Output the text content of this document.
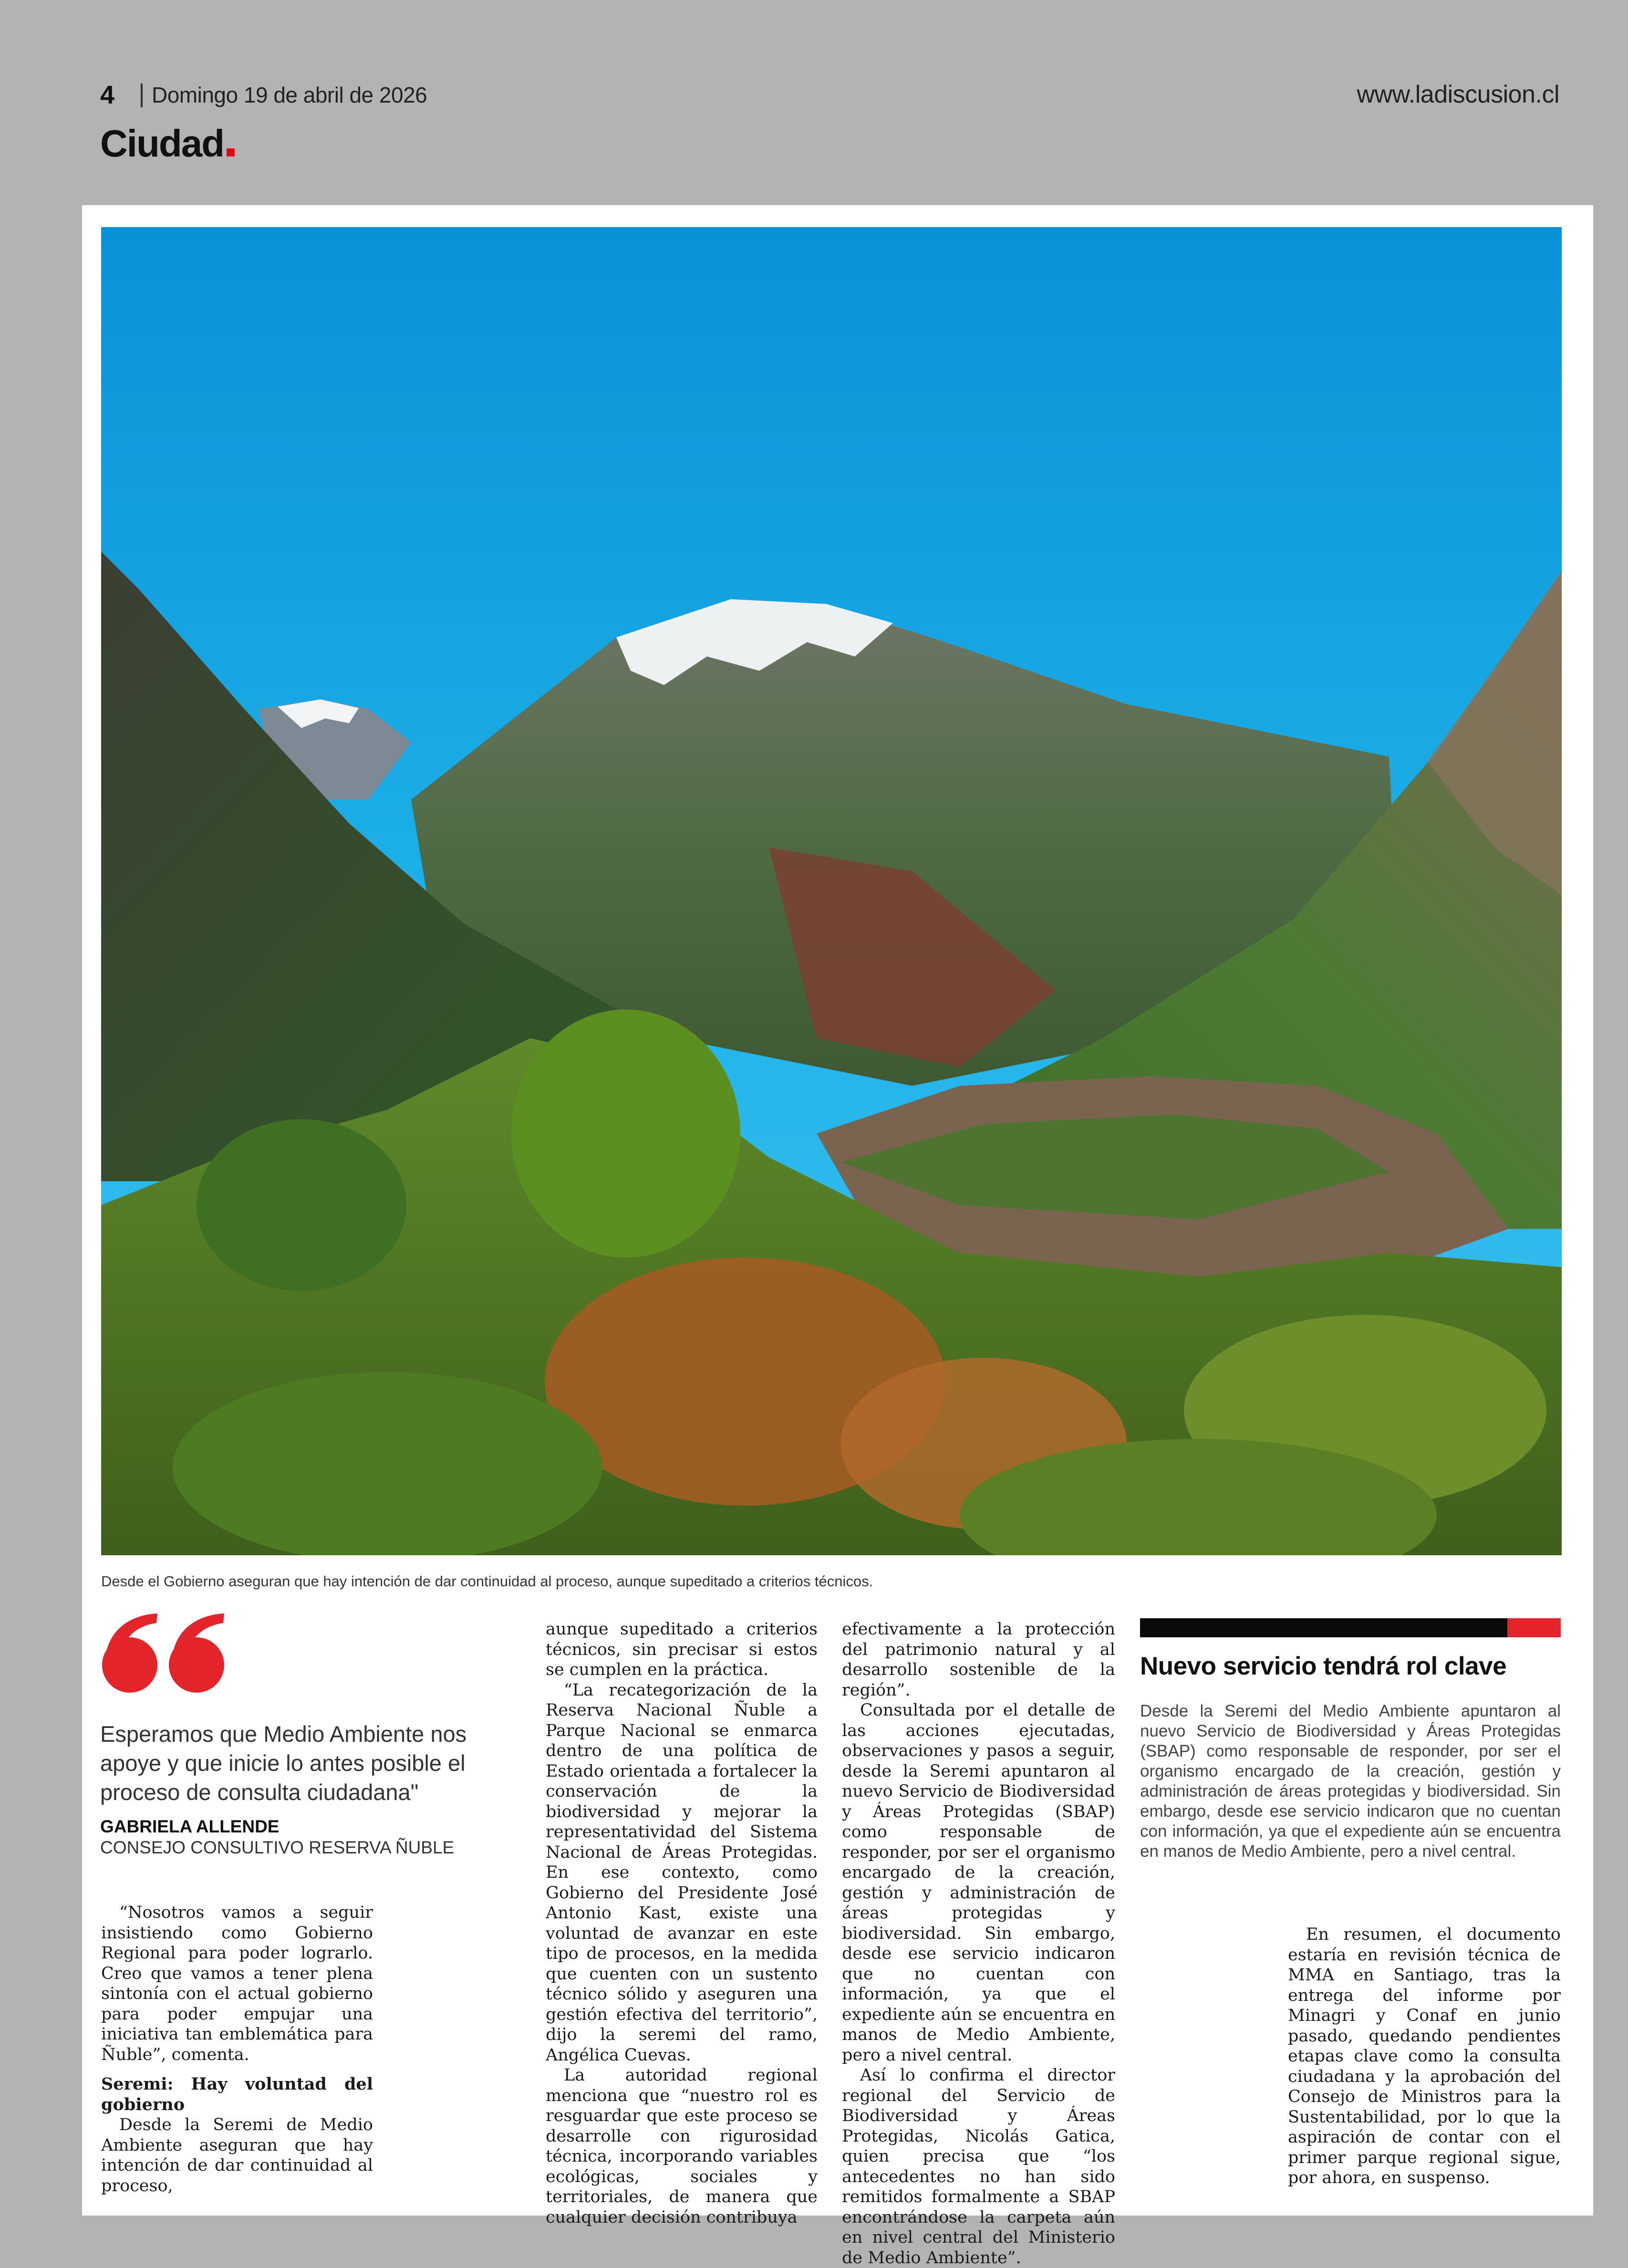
4 Domingo 19 de abril de 2026	www.ladiscusion.cl
Ciudad
Desde el Gobierno aseguran que hay intención de dar continuidad al proceso, aunque supeditado a criterios técnicos.
Esperamos que Medio Ambiente nos apoye y que inicie lo antes posible el proceso de consulta ciudadana"
GABRIELA ALLENDE
CONSEJO CONSULTIVO RESERVA ÑUBLE

“Nosotros vamos a seguir insistiendo como Gobierno Regional para poder lograrlo. Creo que vamos a tener plena sintonía con el actual gobierno para poder empujar una iniciativa tan emblemática para Ñuble”, comenta.

Seremi: Hay voluntad del gobierno

Desde la Seremi de Medio Ambiente aseguran que hay intención de dar continuidad al proceso,

aunque supeditado a criterios técnicos, sin precisar si estos se cumplen en la práctica.

“La recategorización de la Reserva Nacional Ñuble a Parque Nacional se enmarca dentro de una política de Estado orientada a fortalecer la conservación de la biodiversidad y mejorar la representatividad del Sistema Nacional de Áreas Protegidas. En ese contexto, como Gobierno del Presidente José Antonio Kast, existe una voluntad de avanzar en este tipo de procesos, en la medida que cuenten con un sustento técnico sólido y aseguren una gestión efectiva del territorio”, dijo la seremi del ramo, Angélica Cuevas.

La autoridad regional menciona que “nuestro rol es resguardar que este proceso se desarrolle con rigurosidad técnica, incorporando variables ecológicas, sociales y territoriales, de manera que cualquier decisión contribuya

efectivamente a la protección del patrimonio natural y al desarrollo sostenible de la región”.

Consultada por el detalle de las acciones ejecutadas, observaciones y pasos a seguir, desde la Seremi apuntaron al nuevo Servicio de Biodiversidad y Áreas Protegidas (SBAP) como responsable de responder, por ser el organismo encargado de la creación, gestión y administración de áreas protegidas y biodiversidad. Sin embargo, desde ese servicio indicaron que no cuentan con información, ya que el expediente aún se encuentra en manos de Medio Ambiente, pero a nivel central.

Así lo confirma el director regional del Servicio de Biodiversidad y Áreas Protegidas, Nicolás Gatica, quien precisa que “los antecedentes no han sido remitidos formalmente a SBAP encontrándose la carpeta aún en nivel central del Ministerio de Medio Ambiente”.

En resumen, el documento estaría en revisión técnica de MMA en Santiago, tras la entrega del informe por Minagri y Conaf en junio pasado, quedando pendientes etapas clave como la consulta ciudadana y la aprobación del Consejo de Ministros para la Sustentabilidad, por lo que la aspiración de contar con el primer parque regional sigue, por ahora, en suspenso.

Nuevo servicio tendrá rol clave
Desde la Seremi del Medio Ambiente apuntaron al nuevo Servicio de Biodiversidad y Áreas Protegidas (SBAP) como responsable de responder, por ser el organismo encargado de la creación, gestión y administración de áreas protegidas y biodiversidad. Sin embargo, desde ese servicio indicaron que no cuentan con información, ya que el expediente aún se encuentra en manos de Medio Ambiente, pero a nivel central.
